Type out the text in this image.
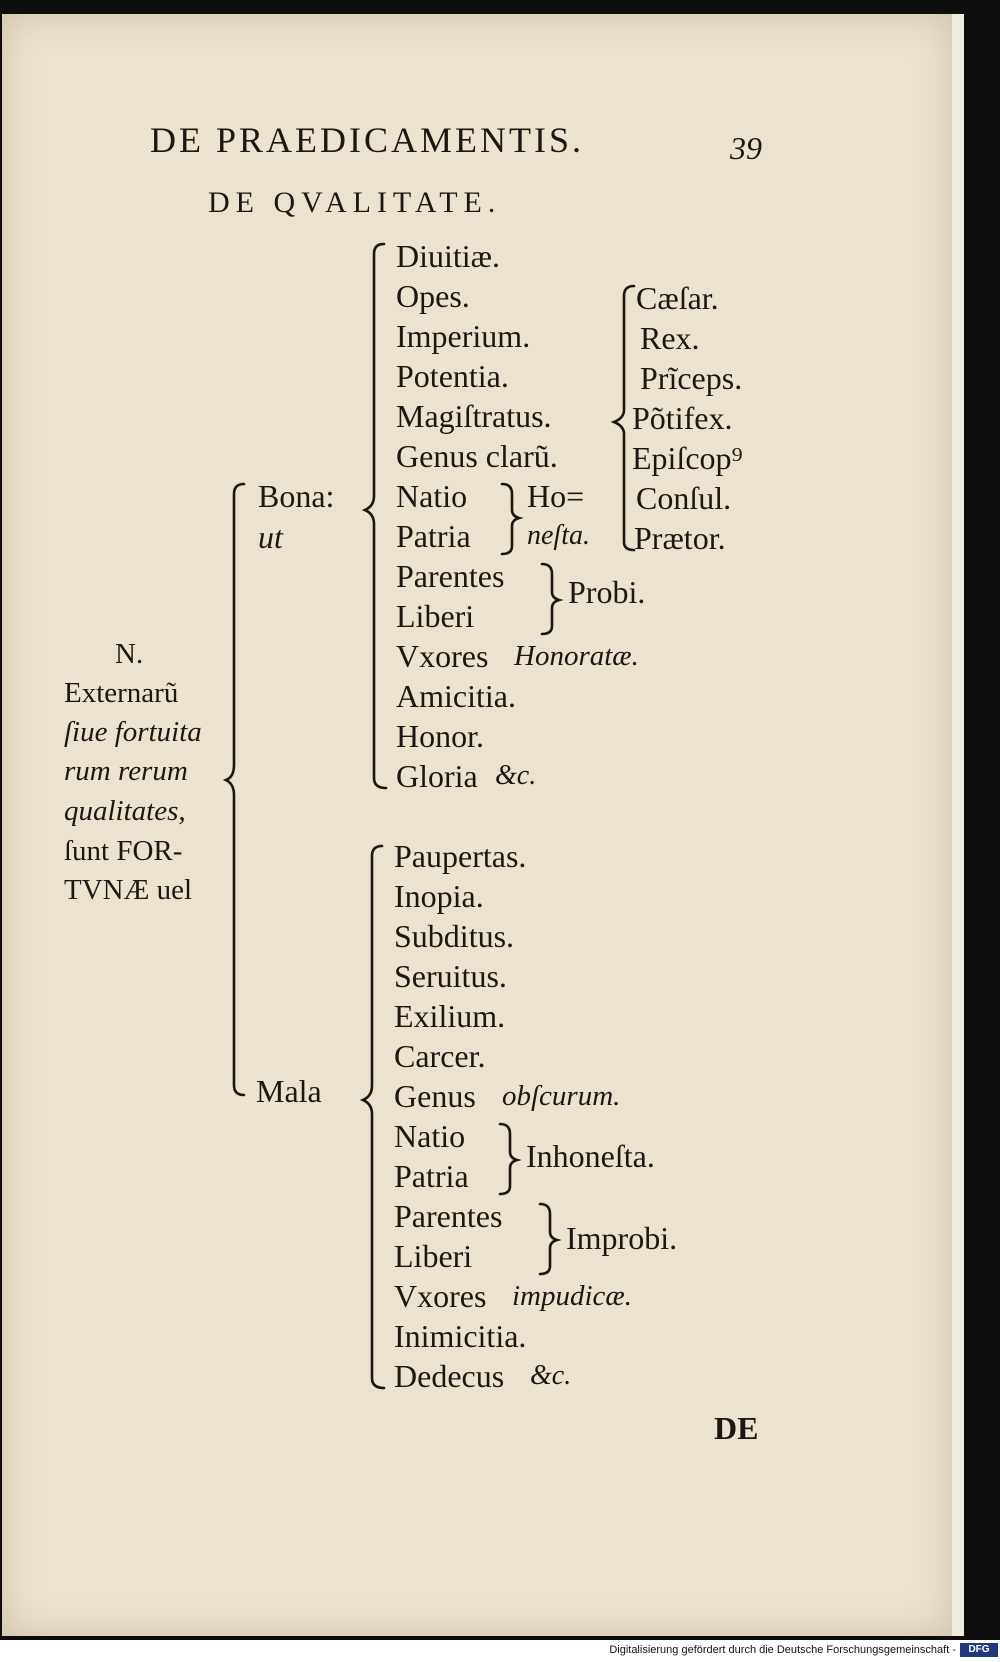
DE PRAEDICAMENTIS.	39
DE QVALITATE.
N.
Externarũ
ſiue fortuita
rum rerum
qualitates,
ſunt FOR-
TVNÆ uel
Bona:
ut
Mala
Diuitiæ.
Opes.
Imperium.
Potentia.
Magiſtratus.
Genus clarũ.
Natio
Patria
Parentes
Liberi
Vxores Honoratæ.
Amicitia.
Honor.
Gloria &c.
Ho=
neſta.
Probi.
Cæſar.
Rex.
Prĩceps.
Põtifex.
Epiſcop⁹
Conſul.
Prætor.
Paupertas.
Inopia.
Subditus.
Seruitus.
Exilium.
Carcer.
Genus obſcurum.
Natio
Patria
Inhoneſta.
Parentes
Liberi	Improbi.
Vxores impudicæ.
Inimicitia.
Dedecus &c.
DE
Digitalisierung gefördert durch die Deutsche Forschungsgemeinschaft -	DFG
